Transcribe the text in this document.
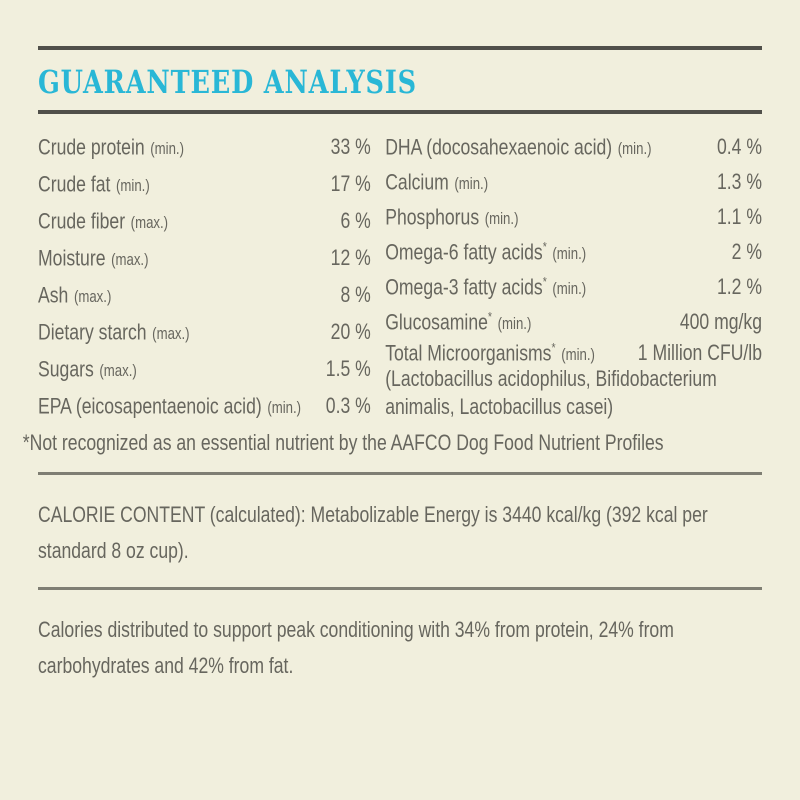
GUARANTEED ANALYSIS
Crude protein (min.)	33 %
Crude fat (min.)	17 %
Crude fiber (max.)	6 %
Moisture (max.)	12 %
Ash (max.)	8 %
Dietary starch (max.)	20 %
Sugars (max.)	1.5 %
EPA (eicosapentaenoic acid) (min.) 0.3 %
DHA (docosahexaenoic acid) (min.)	0.4 %
Calcium (min.)	1.3 %
Phosphorus (min.)	1.1 %
Omega-6 fatty acids* (min.)	2 %
Omega-3 fatty acids* (min.)	1.2 %
Glucosamine* (min.)	400 mg/kg
Total Microorganisms* (min.) 1 Million CFU/lb

(Lactobacillus acidophilus, Bifidobacterium animalis, Lactobacillus casei)

*Not recognized as an essential nutrient by the AAFCO Dog Food Nutrient Profiles

CALORIE CONTENT (calculated): Metabolizable Energy is 3440 kcal/kg (392 kcal per standard 8 oz cup).

Calories distributed to support peak conditioning with 34% from protein, 24% from carbohydrates and 42% from fat.
